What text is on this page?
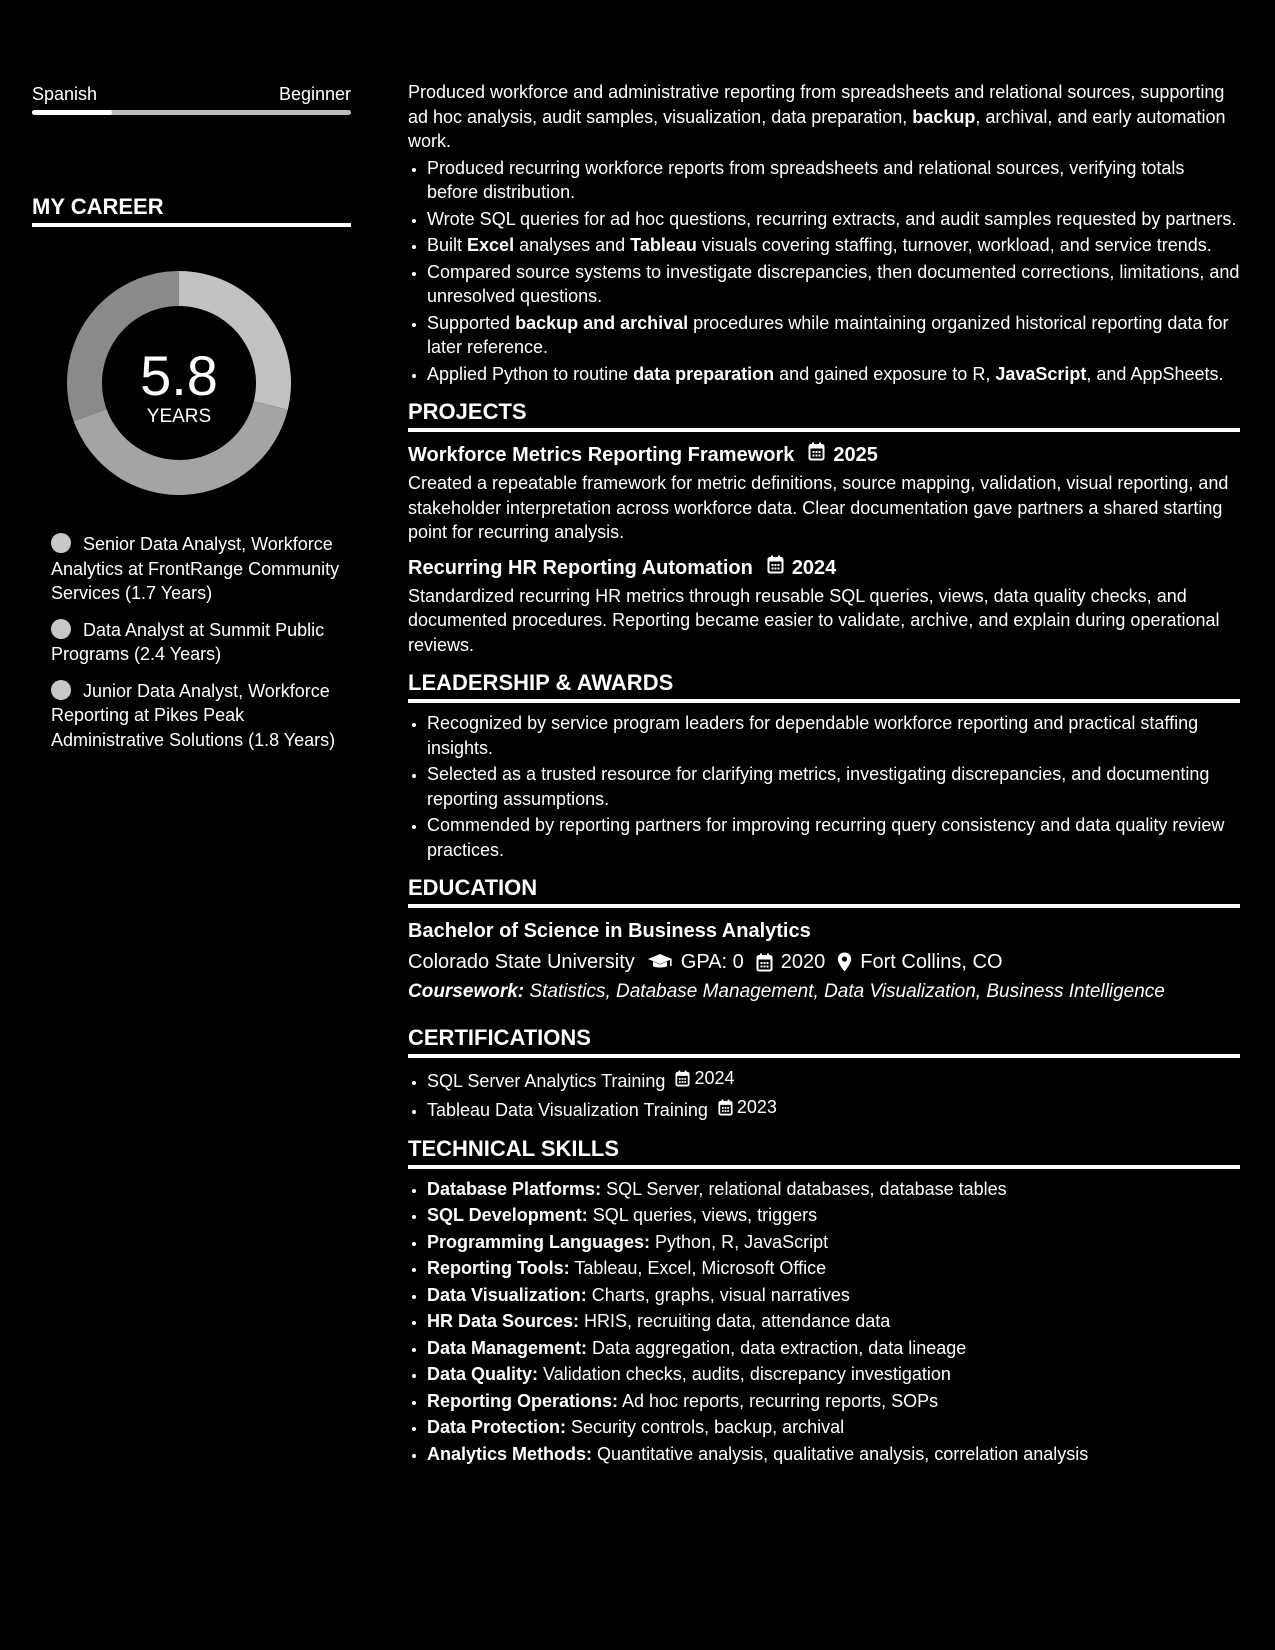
Spanish	Beginner
MY CAREER
5.8
YEARS
Senior Data Analyst, Workforce Analytics at FrontRange Community Services (1.7 Years)
Data Analyst at Summit Public Programs (2.4 Years)
Junior Data Analyst, Workforce Reporting at Pikes Peak Administrative Solutions (1.8 Years)

Produced workforce and administrative reporting from spreadsheets and relational sources, supporting ad hoc analysis, audit samples, visualization, data preparation, backup, archival, and early automation work.

• Produced recurring workforce reports from spreadsheets and relational sources, verifying totals before distribution.
• Wrote SQL queries for ad hoc questions, recurring extracts, and audit samples requested by partners.
• Built Excel analyses and Tableau visuals covering staffing, turnover, workload, and service trends.
• Compared source systems to investigate discrepancies, then documented corrections, limitations, and unresolved questions.
• Supported backup and archival procedures while maintaining organized historical reporting data for later reference.
• Applied Python to routine data preparation and gained exposure to R, JavaScript, and AppSheets.
PROJECTS
Workforce Metrics Reporting Framework 2025

Created a repeatable framework for metric definitions, source mapping, validation, visual reporting, and stakeholder interpretation across workforce data. Clear documentation gave partners a shared starting point for recurring analysis.

Recurring HR Reporting Automation 2024

Standardized recurring HR metrics through reusable SQL queries, views, data quality checks, and documented procedures. Reporting became easier to validate, archive, and explain during operational reviews.

LEADERSHIP & AWARDS
• Recognized by service program leaders for dependable workforce reporting and practical staffing insights.
• Selected as a trusted resource for clarifying metrics, investigating discrepancies, and documenting reporting assumptions.
• Commended by reporting partners for improving recurring query consistency and data quality review practices.
EDUCATION
Bachelor of Science in Business Analytics
Colorado State University GPA: 0 2020 Fort Collins, CO
Coursework: Statistics, Database Management, Data Visualization, Business Intelligence
CERTIFICATIONS
• SQL Server Analytics Training 2024
• Tableau Data Visualization Training 2023
TECHNICAL SKILLS
• Database Platforms: SQL Server, relational databases, database tables
• SQL Development: SQL queries, views, triggers
• Programming Languages: Python, R, JavaScript
• Reporting Tools: Tableau, Excel, Microsoft Office
• Data Visualization: Charts, graphs, visual narratives
• HR Data Sources: HRIS, recruiting data, attendance data
• Data Management: Data aggregation, data extraction, data lineage
• Data Quality: Validation checks, audits, discrepancy investigation
• Reporting Operations: Ad hoc reports, recurring reports, SOPs
• Data Protection: Security controls, backup, archival
• Analytics Methods: Quantitative analysis, qualitative analysis, correlation analysis
